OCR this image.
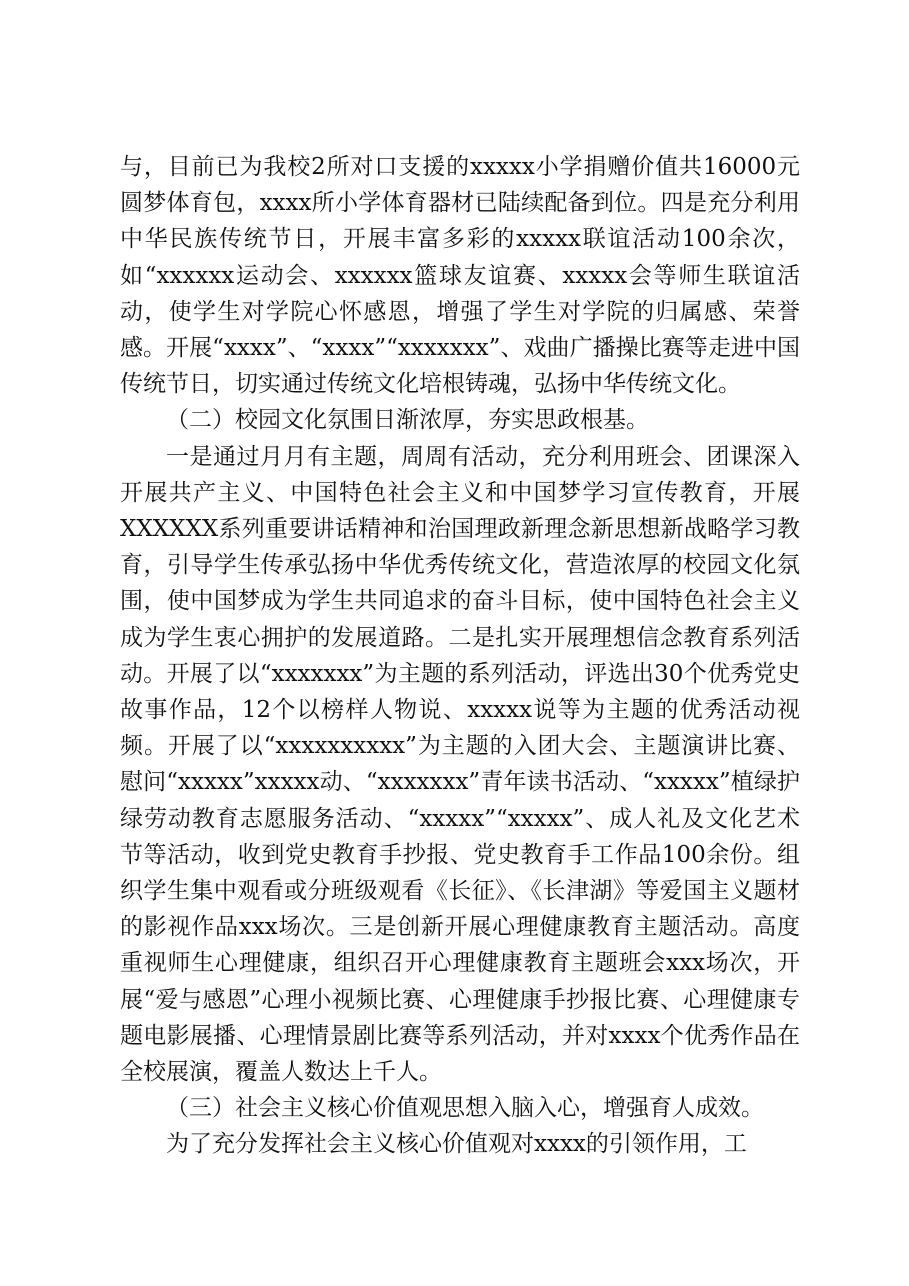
与，目前已为我校2所对口支援的xxxxx小学捐赠价值共16000元圆梦体育包，xxxx所小学体育器材已陆续配备到位。四是充分利用中华民族传统节日，开展丰富多彩的xxxxx联谊活动100余次，如“xxxxxx运动会、xxxxxx篮球友谊赛、xxxxx会等师生联谊活动，使学生对学院心怀感恩，增强了学生对学院的归属感、荣誉感。开展“xxxx”、“xxxx”“xxxxxxx”、戏曲广播操比赛等走进中国传统节日，切实通过传统文化培根铸魂，弘扬中华传统文化。

（二）校园文化氛围日渐浓厚，夯实思政根基。

一是通过月月有主题，周周有活动，充分利用班会、团课深入开展共产主义、中国特色社会主义和中国梦学习宣传教育，开展XXXXXX系列重要讲话精神和治国理政新理念新思想新战略学习教育，引导学生传承弘扬中华优秀传统文化，营造浓厚的校园文化氛围，使中国梦成为学生共同追求的奋斗目标，使中国特色社会主义成为学生衷心拥护的发展道路。二是扎实开展理想信念教育系列活动。开展了以“xxxxxxx”为主题的系列活动，评选出30个优秀党史故事作品，12个以榜样人物说、xxxxx说等为主题的优秀活动视频。开展了以“xxxxxxxxxx”为主题的入团大会、主题演讲比赛、慰问“xxxxx”xxxxx动、“xxxxxxx”青年读书活动、“xxxxx”植绿护绿劳动教育志愿服务活动、“xxxxx”“xxxxx”、成人礼及文化艺术节等活动，收到党史教育手抄报、党史教育手工作品100余份。组织学生集中观看或分班级观看《长征》、《长津湖》等爱国主义题材的影视作品xxx场次。三是创新开展心理健康教育主题活动。高度重视师生心理健康，组织召开心理健康教育主题班会xxx场次，开展“爱与感恩”心理小视频比赛、心理健康手抄报比赛、心理健康专题电影展播、心理情景剧比赛等系列活动，并对xxxx个优秀作品在全校展演，覆盖人数达上千人。

（三）社会主义核心价值观思想入脑入心，增强育人成效。

为了充分发挥社会主义核心价值观对xxxx的引领作用，工
